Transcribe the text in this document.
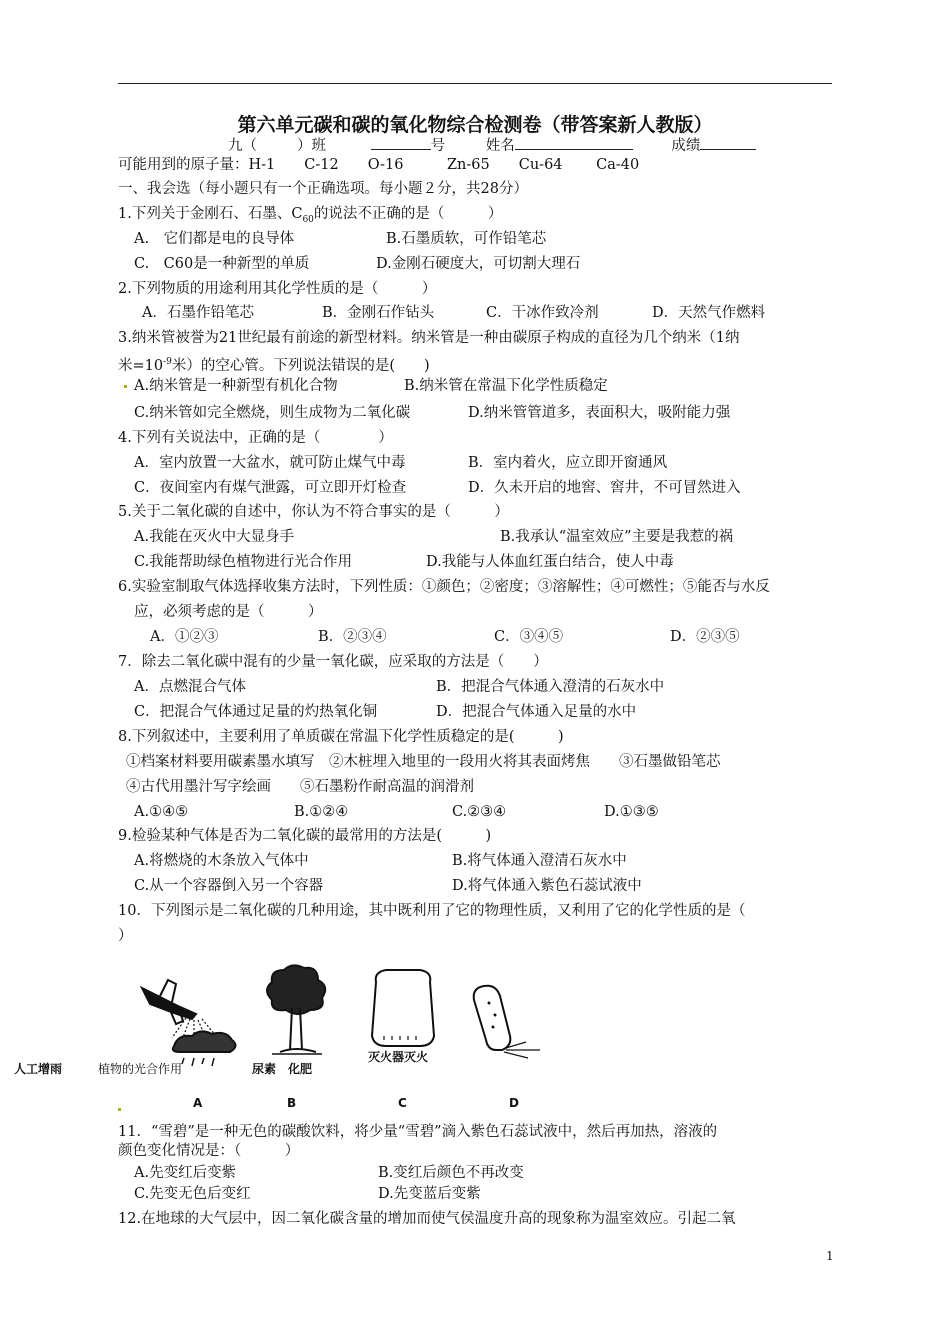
第六单元碳和碳的氧化物综合检测卷（带答案新人教版）
九（	）班	号	姓名	成绩
可能用到的原子量：H-1　　C-12　　O-16　　　Zn-65　　Cu-64　　 Ca-40
一、我会选（每小题只有一个正确选项。每小题２分，共28分）
1.下列关于金刚石、石墨、$C_{60}$的说法不正确的是（　　　）
A.　它们都是电的良导体	B.石墨质软，可作铅笔芯
C.　C60是一种新型的单质	D.金刚石硬度大，可切割大理石
2.下列物质的用途利用其化学性质的是（　　　）
A．石墨作铅笔芯	B．金刚石作钻头	C．干冰作致冷剂	D．天然气作燃料
3.纳米管被誉为21世纪最有前途的新型材料。纳米管是一种由碳原子构成的直径为几个纳米（1纳
米$=10^{-9}$米）的空心管。下列说法错误的是(　　)
A.纳米管是一种新型有机化合物	B.纳米管在常温下化学性质稳定
C.纳米管如完全燃烧，则生成物为二氧化碳	D.纳米管管道多，表面积大，吸附能力强
4.下列有关说法中，正确的是（　　　　）
A．室内放置一大盆水，就可防止煤气中毒	B．室内着火，应立即开窗通风
C．夜间室内有煤气泄露，可立即开灯检查	D．久未开启的地窖、窖井，不可冒然进入
5.关于二氧化碳的自述中，你认为不符合事实的是（　　　）
A.我能在灭火中大显身手	B.我承认“温室效应”主要是我惹的祸
C.我能帮助绿色植物进行光合作用	D.我能与人体血红蛋白结合，使人中毒
6.实验室制取气体选择收集方法时，下列性质：①颜色；②密度；③溶解性；④可燃性；⑤能否与水反
应，必须考虑的是（　　　）
A．①②③	B．②③④	C．③④⑤	D．②③⑤
7．除去二氧化碳中混有的少量一氧化碳，应采取的方法是（　　）
A．点燃混合气体	B．把混合气体通入澄清的石灰水中
C．把混合气体通过足量的灼热氧化铜	D．把混合气体通入足量的水中
8.下列叙述中，主要利用了单质碳在常温下化学性质稳定的是(　　　)
①档案材料要用碳素墨水填写　②木桩埋入地里的一段用火将其表面烤焦　　③石墨做铅笔芯
④古代用墨汁写字绘画　　⑤石墨粉作耐高温的润滑剂
A.①④⑤	B.①②④	C.②③④	D.①③⑤
9.检验某种气体是否为二氧化碳的最常用的方法是(　　　)
A.将燃烧的木条放入气体中	B.将气体通入澄清石灰水中
C.从一个容器倒入另一个容器	D.将气体通入紫色石蕊试液中
10．下列图示是二氧化碳的几种用途，其中既利用了它的物理性质，又利用了它的化学性质的是（
）
人工增雨	植物的光合作用	尿素　化肥
灭火器灭火
A	B	C	D
11．“雪碧”是一种无色的碳酸饮料，将少量“雪碧”滴入紫色石蕊试液中，然后再加热，溶液的
颜色变化情况是：（　　　）
A.先变红后变紫	B.变红后颜色不再改变
C.先变无色后变红	D.先变蓝后变紫
12.在地球的大气层中，因二氧化碳含量的增加而使气侯温度升高的现象称为温室效应。引起二氧
1
